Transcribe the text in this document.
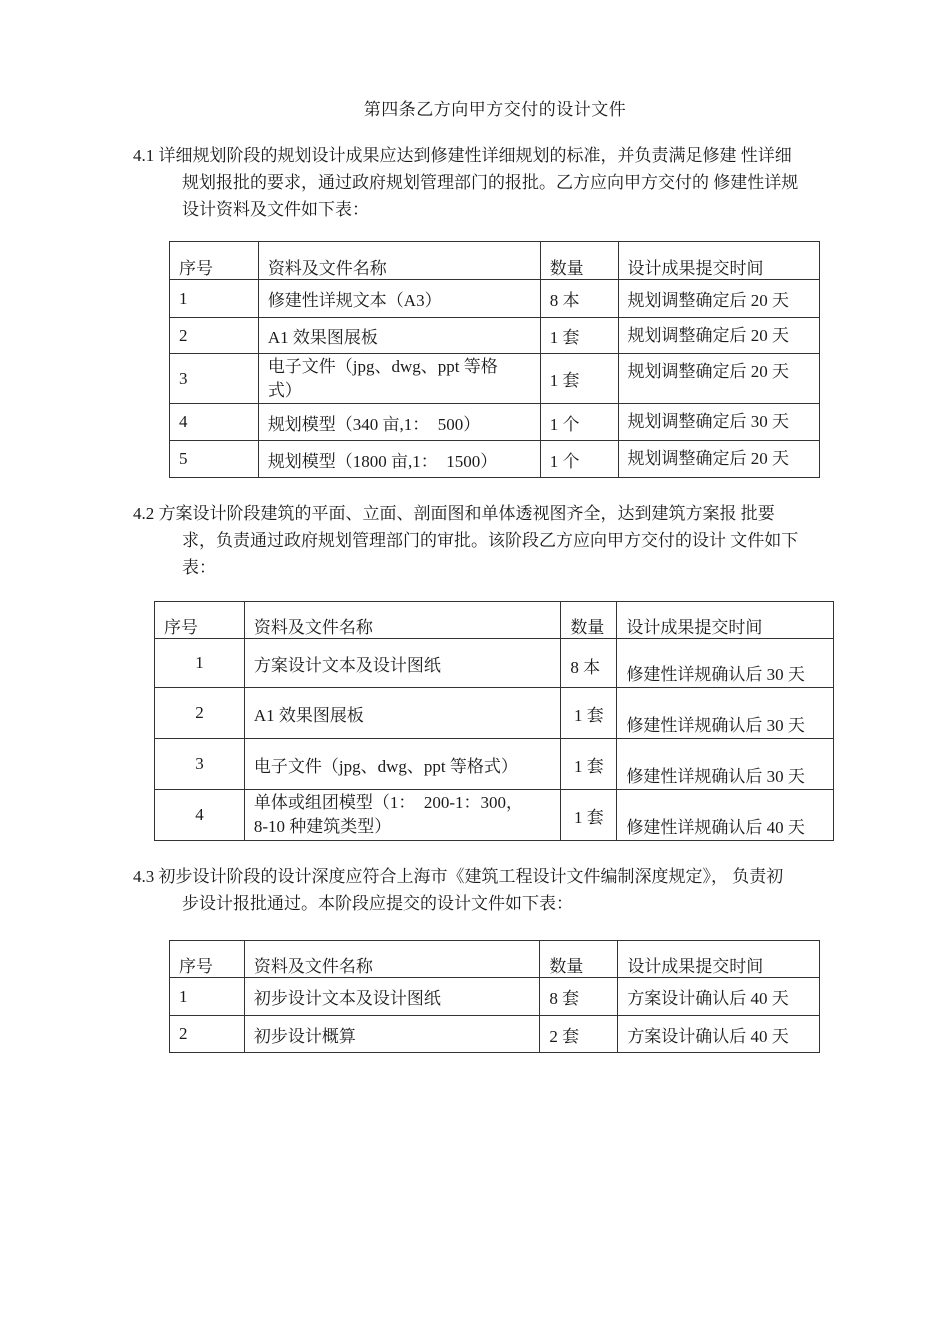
第四条乙方向甲方交付的设计文件
4.1 详细规划阶段的规划设计成果应达到修建性详细规划的标准，并负责满足修建 性详细
规划报批的要求，通过政府规划管理部门的报批。乙方应向甲方交付的 修建性详规
设计资料及文件如下表：
序号	资料及文件名称	数量	设计成果提交时间
1	修建性详规文本（A3）	8 本	规划调整确定后 20 天
2	A1 效果图展板	1 套	规划调整确定后 20 天
3	电子文件（jpg、dwg、ppt 等格式）	1 套	规划调整确定后 20 天
4	规划模型（340 亩,1：  500）	1 个	规划调整确定后 30 天
5	规划模型（1800 亩,1：  1500）	1 个	规划调整确定后 20 天
4.2 方案设计阶段建筑的平面、立面、剖面图和单体透视图齐全，达到建筑方案报 批要
求，负责通过政府规划管理部门的审批。该阶段乙方应向甲方交付的设计 文件如下
表：
序号	资料及文件名称	数量	设计成果提交时间
1	方案设计文本及设计图纸	8 本	修建性详规确认后 30 天
2	A1 效果图展板	1 套	修建性详规确认后 30 天
3	电子文件（jpg、dwg、ppt 等格式）	1 套	修建性详规确认后 30 天
4	单体或组团模型（1：  200-1：300，8-10 种建筑类型）	1 套	修建性详规确认后 40 天
4.3 初步设计阶段的设计深度应符合上海市《建筑工程设计文件编制深度规定》， 负责初
步设计报批通过。本阶段应提交的设计文件如下表：
序号	资料及文件名称	数量	设计成果提交时间
1	初步设计文本及设计图纸	8 套	方案设计确认后 40 天
2	初步设计概算	2 套	方案设计确认后 40 天
